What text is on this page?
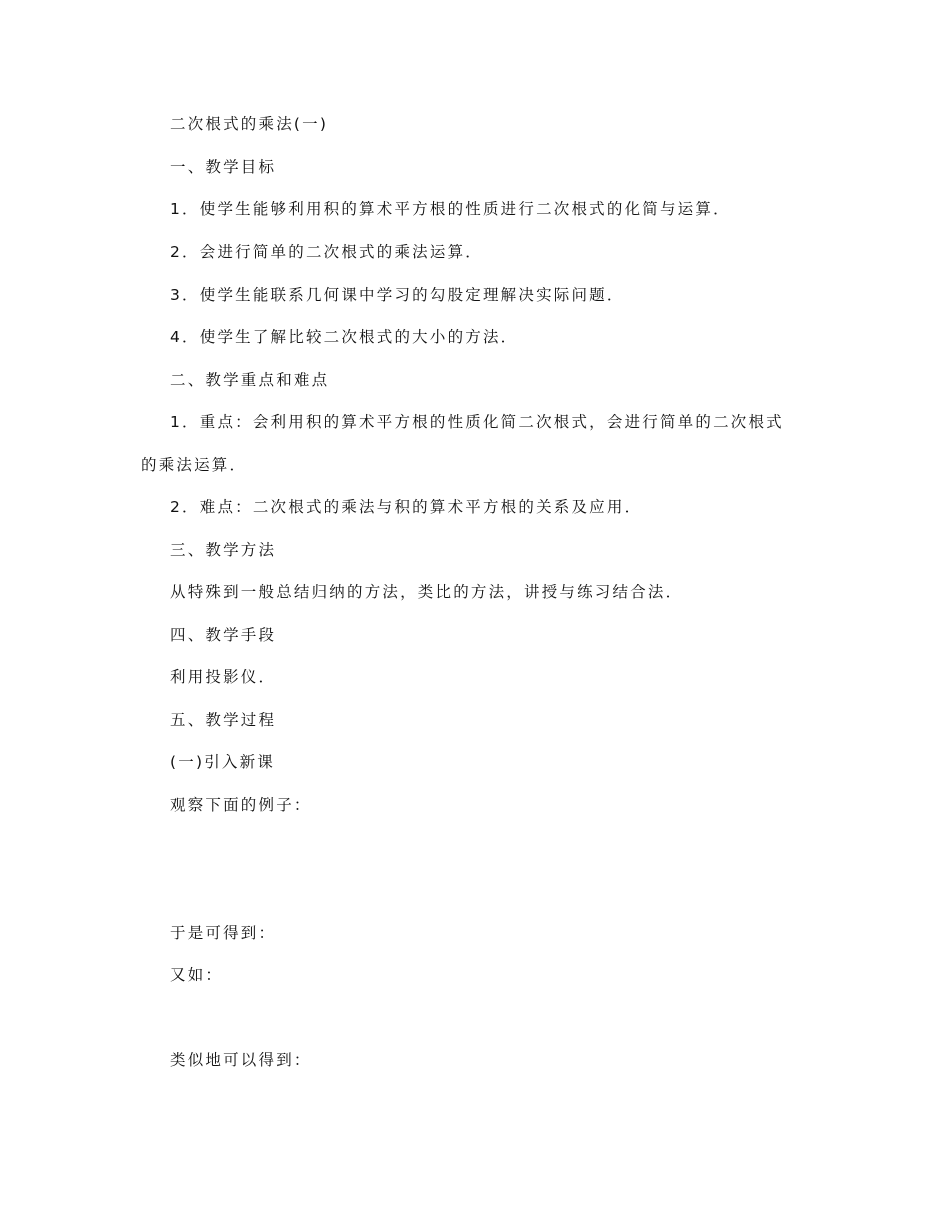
二次根式的乘法(一)
一、教学目标
1．使学生能够利用积的算术平方根的性质进行二次根式的化简与运算．
2．会进行简单的二次根式的乘法运算．
3．使学生能联系几何课中学习的勾股定理解决实际问题．
4．使学生了解比较二次根式的大小的方法．
二、教学重点和难点
1．重点：会利用积的算术平方根的性质化简二次根式，会进行简单的二次根式
的乘法运算．
2．难点：二次根式的乘法与积的算术平方根的关系及应用．
三、教学方法
从特殊到一般总结归纳的方法，类比的方法，讲授与练习结合法．
四、教学手段
利用投影仪．
五、教学过程
(一)引入新课
观察下面的例子：
于是可得到：
又如：
类似地可以得到：
